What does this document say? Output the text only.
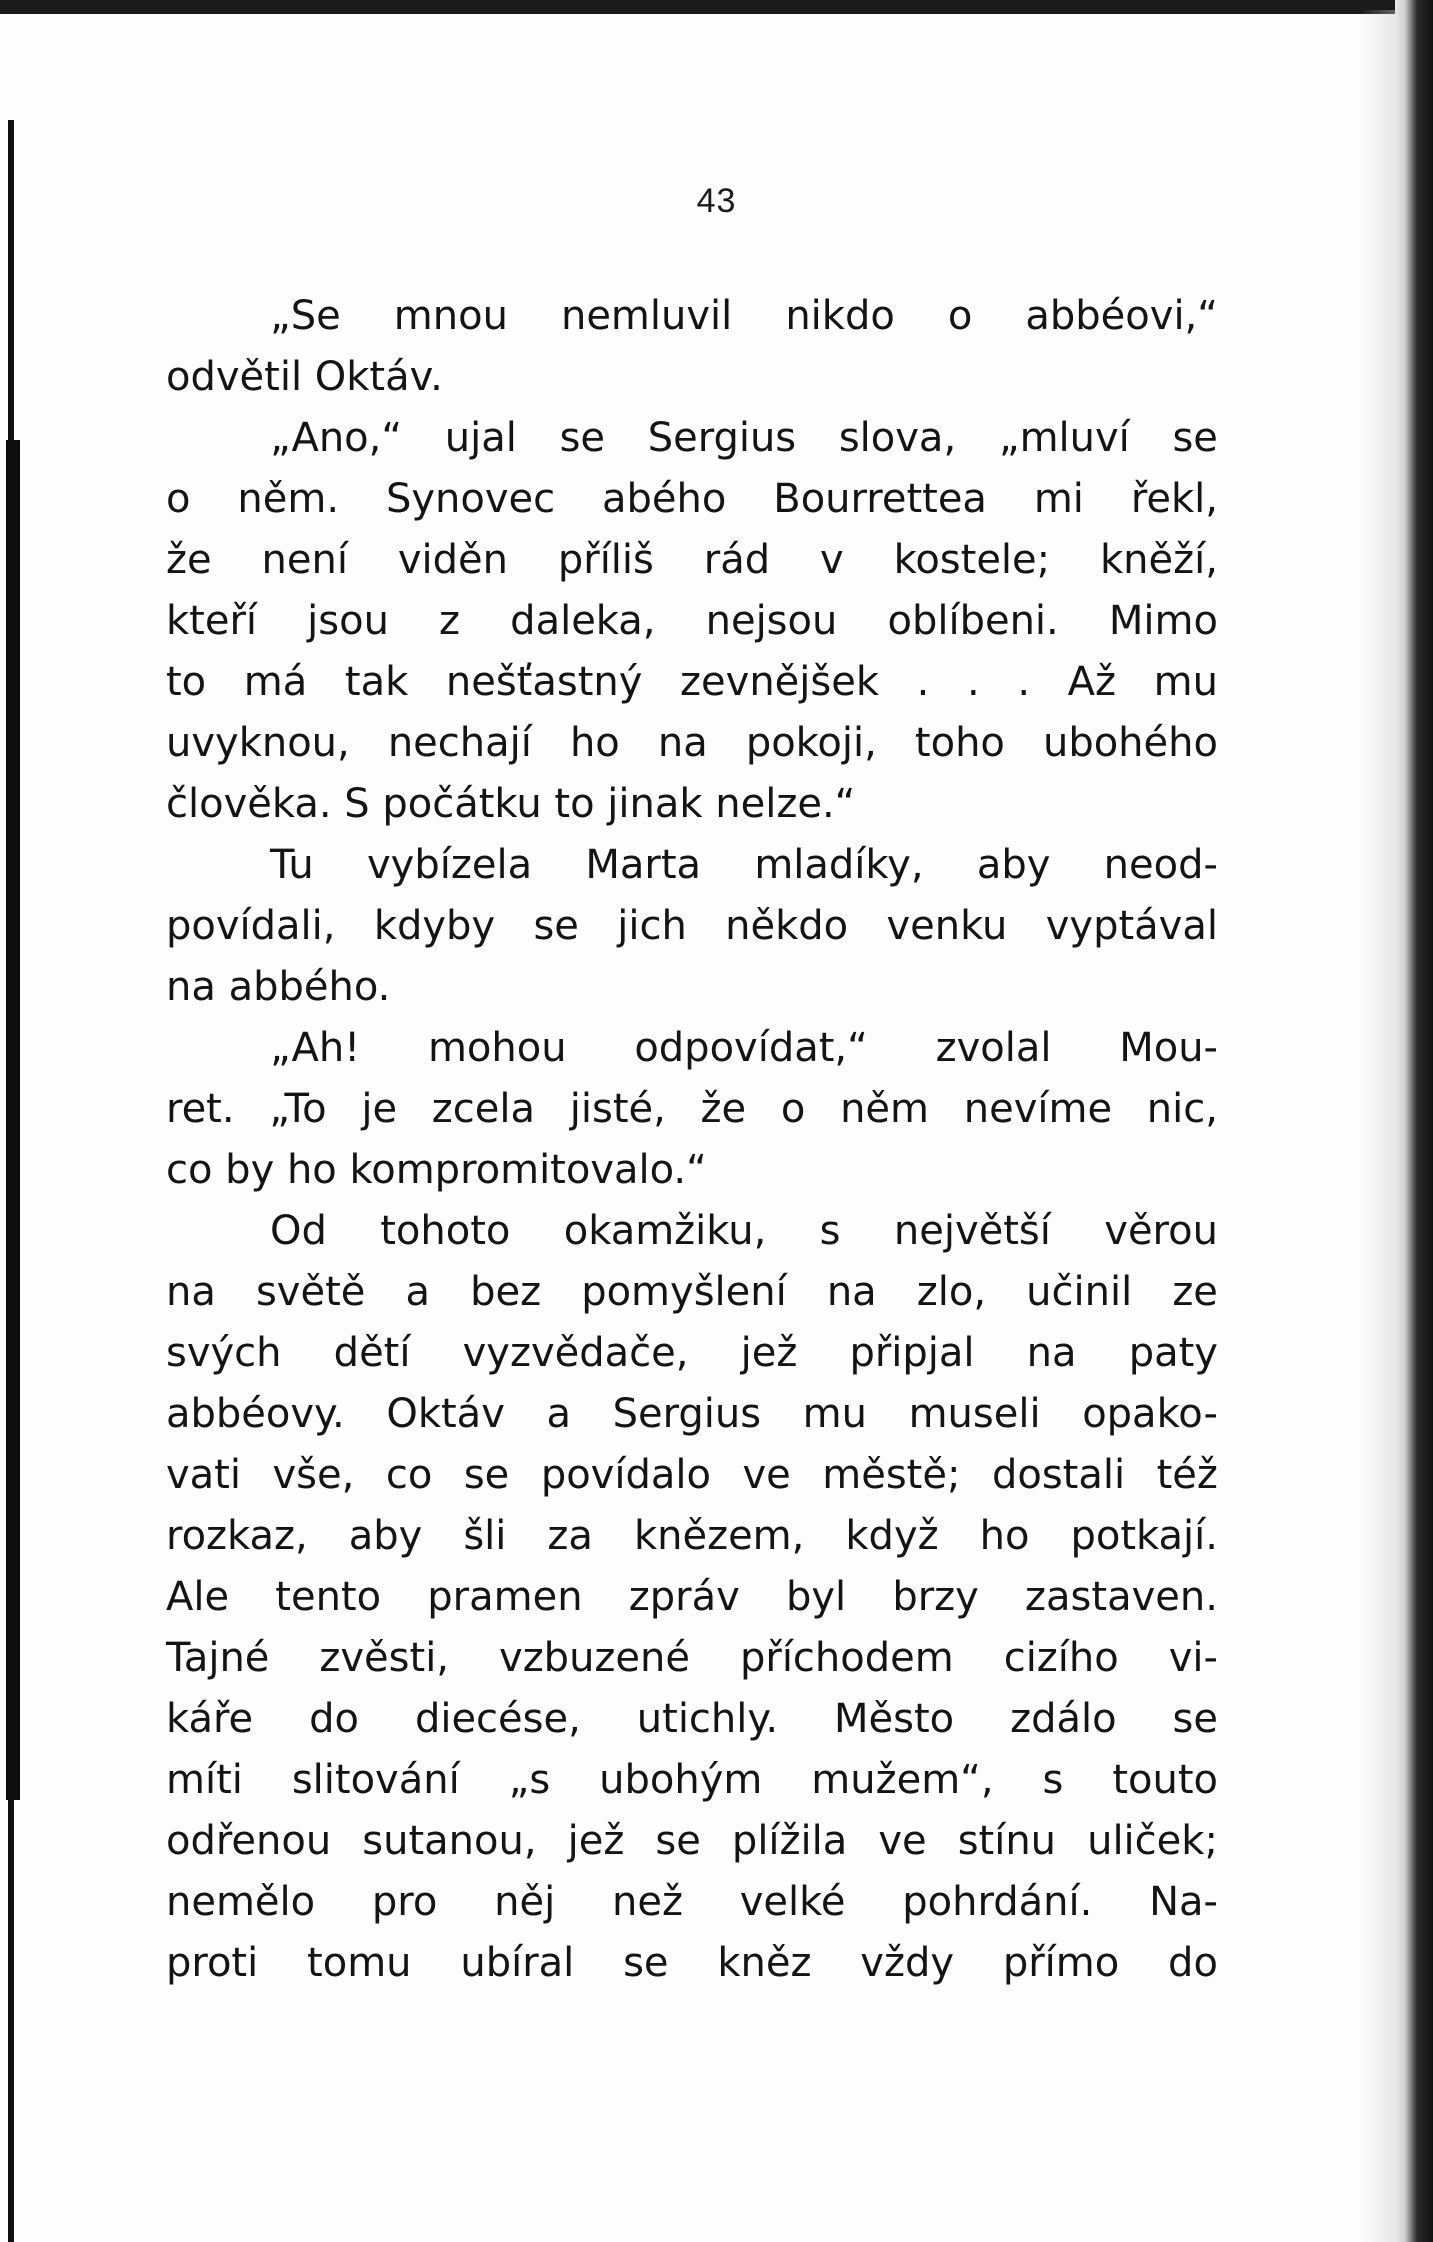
43
„Se mnou nemluvil nikdo o abbéovi,“
odvětil Oktáv.
„Ano,“ ujal se Sergius slova, „mluví se
o něm. Synovec abého Bourrettea mi řekl,
že není viděn příliš rád v kostele; kněží,
kteří jsou z daleka, nejsou oblíbeni. Mimo
to má tak nešťastný zevnějšek . . . Až mu
uvyknou, nechají ho na pokoji, toho ubohého
člověka. S počátku to jinak nelze.“
Tu vybízela Marta mladíky, aby neod-
povídali, kdyby se jich někdo venku vyptával
na abbého.
„Ah! mohou odpovídat,“ zvolal Mou-
ret. „To je zcela jisté, že o něm nevíme nic,
co by ho kompromitovalo.“
Od tohoto okamžiku, s největší věrou
na světě a bez pomyšlení na zlo, učinil ze
svých dětí vyzvědače, jež připjal na paty
abbéovy. Oktáv a Sergius mu museli opako-
vati vše, co se povídalo ve městě; dostali též
rozkaz, aby šli za knězem, když ho potkají.
Ale tento pramen zpráv byl brzy zastaven.
Tajné zvěsti, vzbuzené příchodem cizího vi-
káře do diecése, utichly. Město zdálo se
míti slitování „s ubohým mužem“, s touto
odřenou sutanou, jež se plížila ve stínu uliček;
nemělo pro něj než velké pohrdání. Na-
proti tomu ubíral se kněz vždy přímo do
